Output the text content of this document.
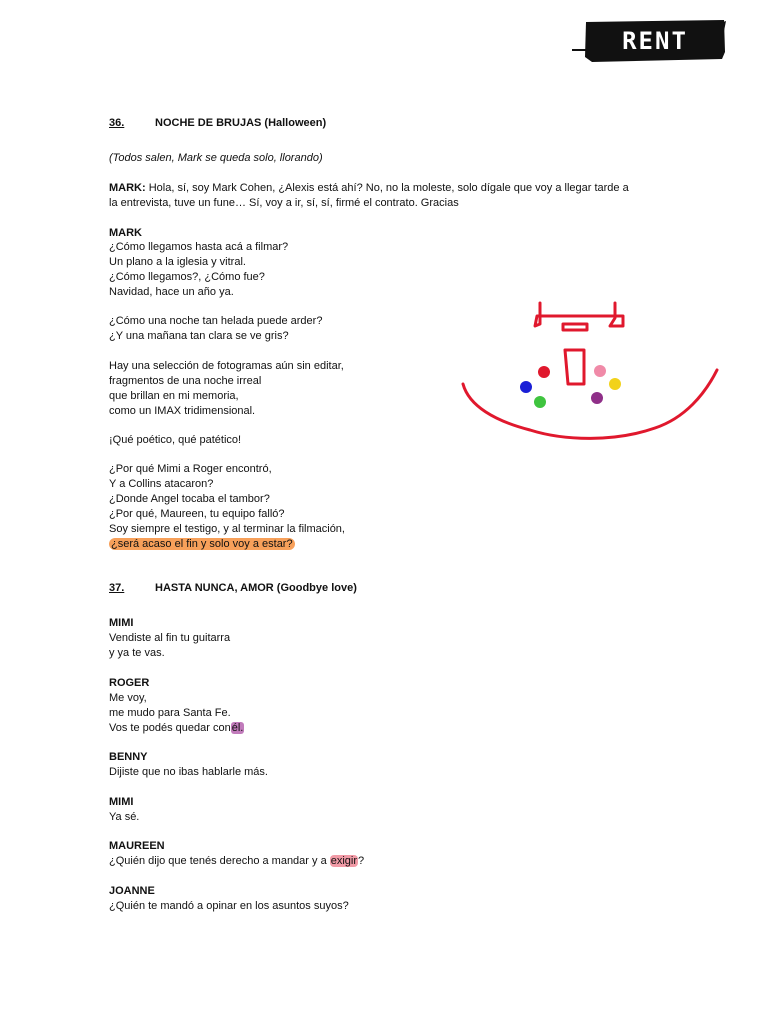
RENT
36.	NOCHE DE BRUJAS (Halloween)
(Todos salen, Mark se queda solo, llorando)
MARK: Hola, sí, soy Mark Cohen, ¿Alexis está ahí? No, no la moleste, solo dígale que voy a llegar tarde a
la entrevista, tuve un fune… Sí, voy a ir, sí, sí, firmé el contrato. Gracias
MARK
¿Cómo llegamos hasta acá a filmar?
Un plano a la iglesia y vitral.
¿Cómo llegamos?, ¿Cómo fue?
Navidad, hace un año ya.
¿Cómo una noche tan helada puede arder?
¿Y una mañana tan clara se ve gris?
Hay una selección de fotogramas aún sin editar,
fragmentos de una noche irreal
que brillan en mi memoria,
como un IMAX tridimensional.
¡Qué poético, qué patético!
¿Por qué Mimi a Roger encontró,
Y a Collins atacaron?
¿Donde Angel tocaba el tambor?
¿Por qué, Maureen, tu equipo falló?
Soy siempre el testigo, y al terminar la filmación,
¿será acaso el fin y solo voy a estar?
37.	HASTA NUNCA, AMOR (Goodbye love)
MIMI
Vendiste al fin tu guitarra
y ya te vas.
ROGER
Me voy,
me mudo para Santa Fe.
Vos te podés quedar conél.
BENNY
Dijiste que no ibas hablarle más.
MIMI
Ya sé.
MAUREEN
¿Quién dijo que tenés derecho a mandar y a exigir?
JOANNE
¿Quién te mandó a opinar en los asuntos suyos?
